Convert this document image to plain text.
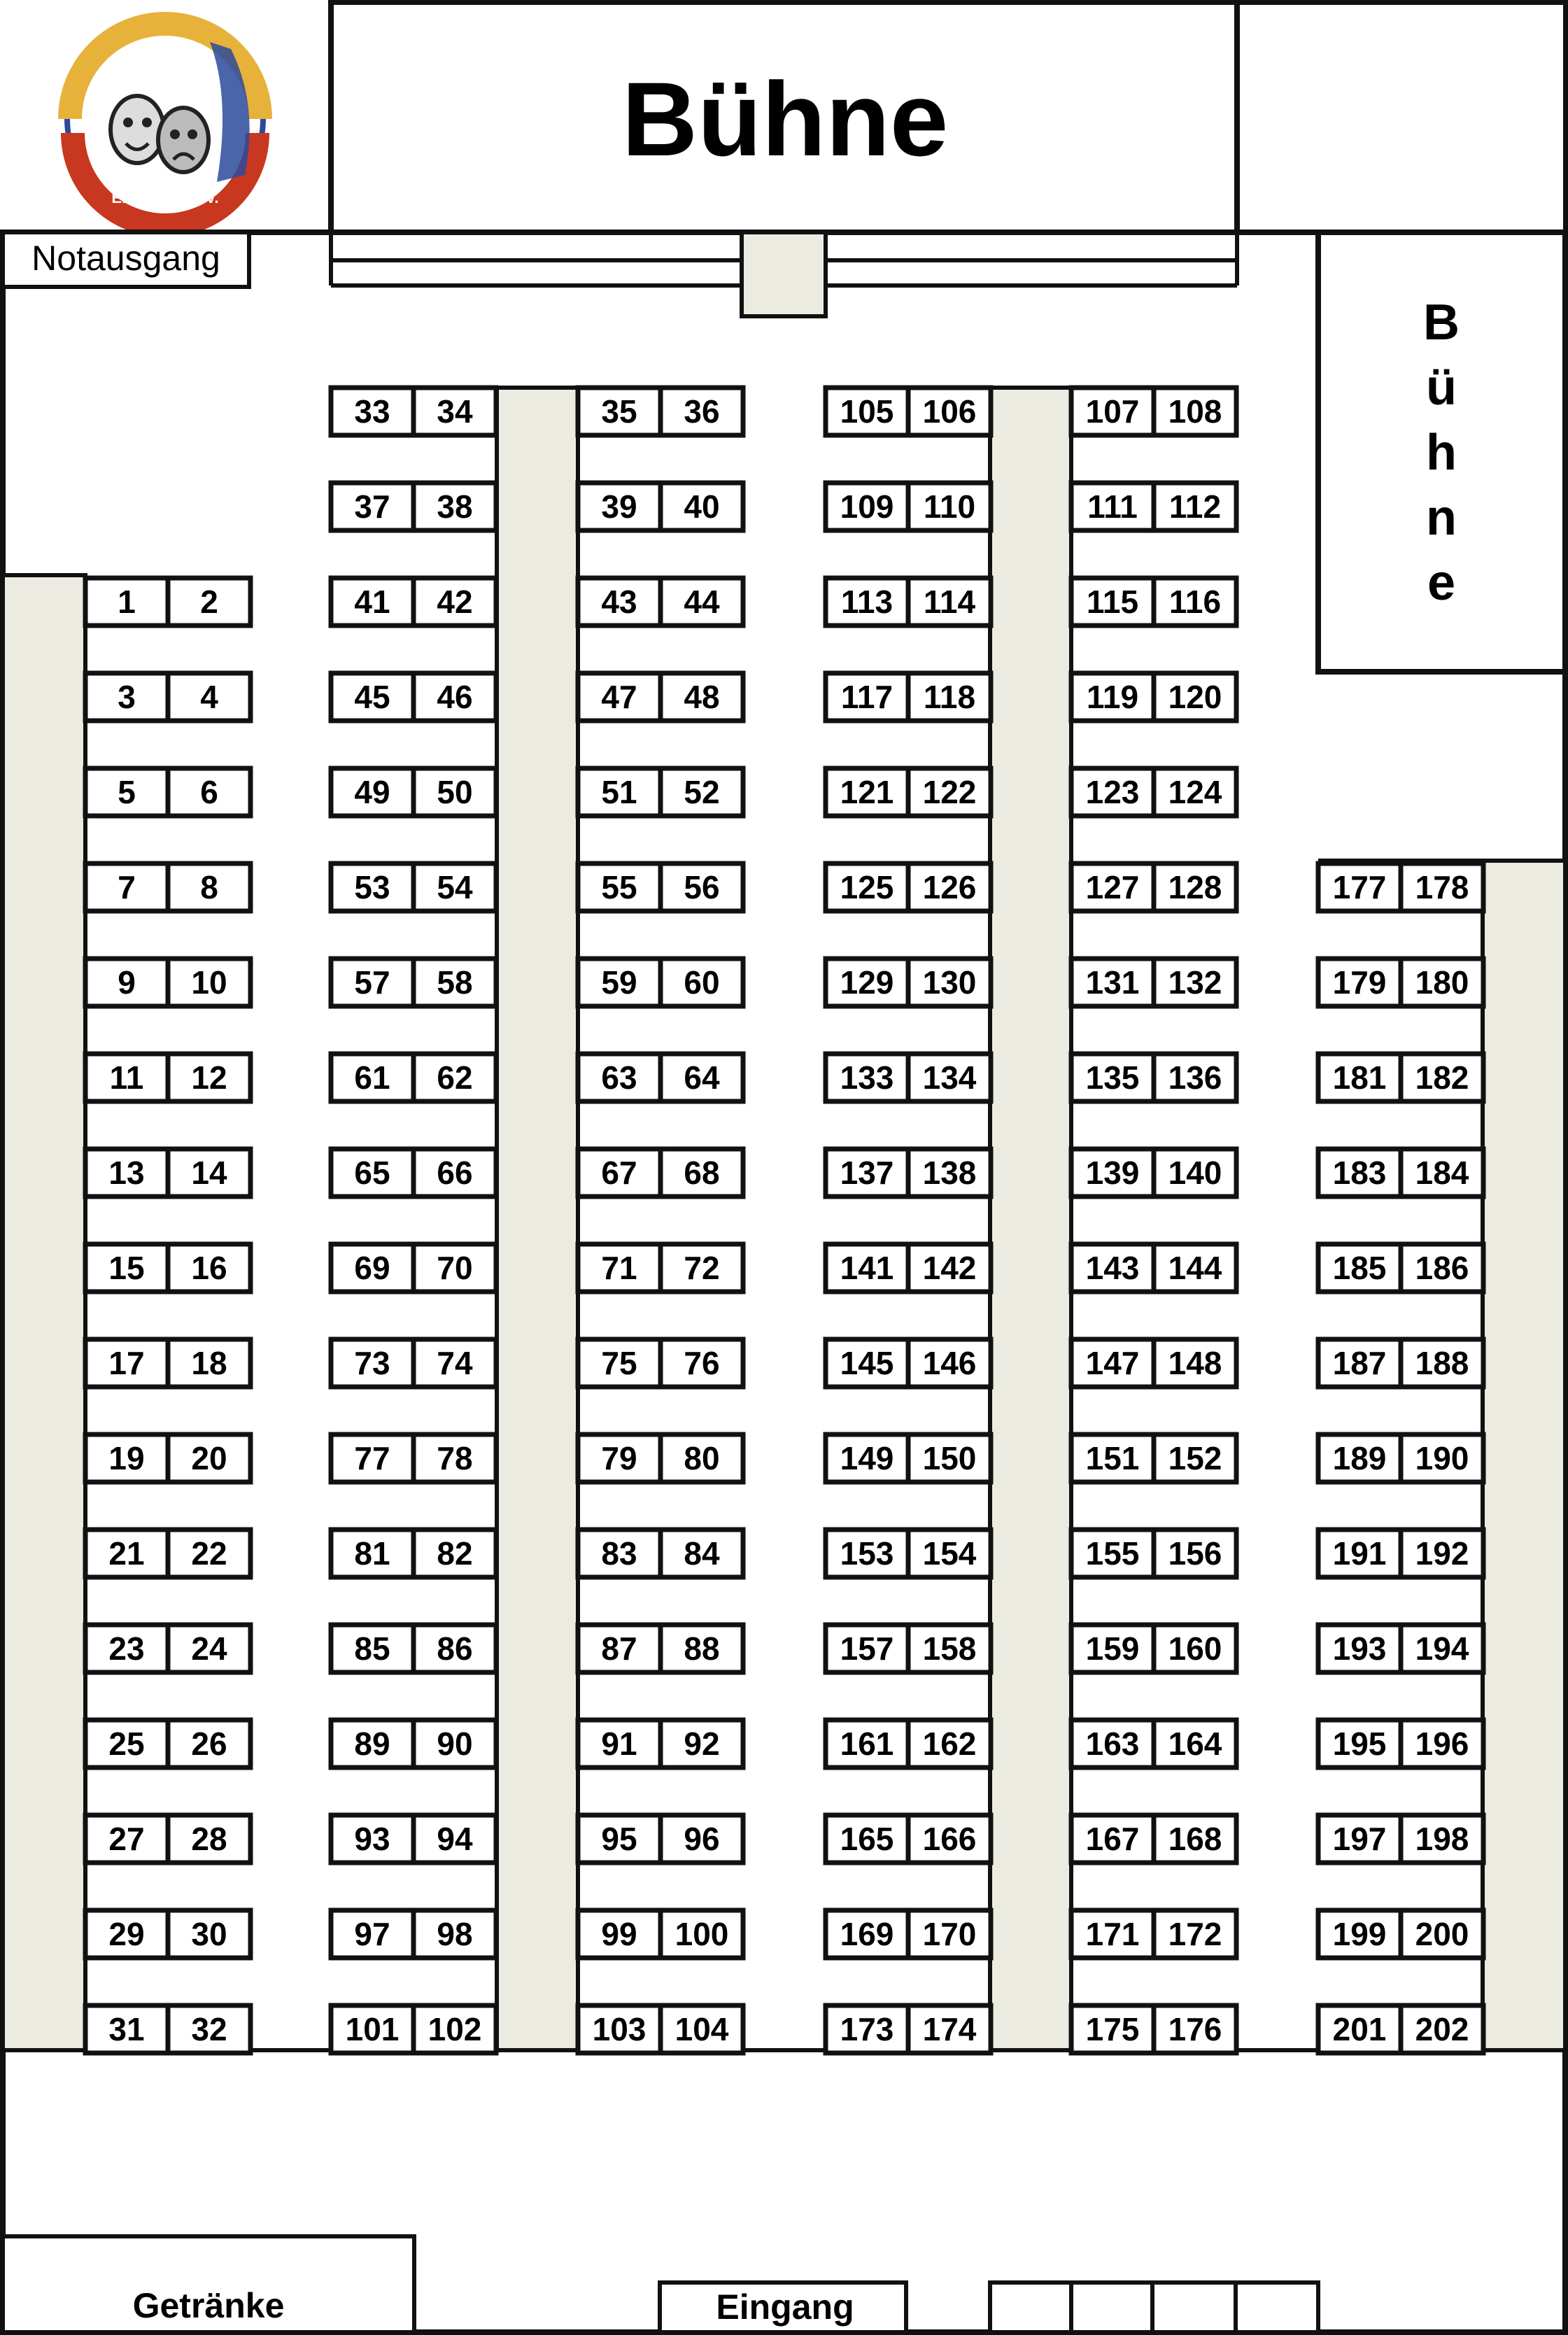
Eischbach e.V.
Bühne
Notausgang
B
ü
h
n
e
1 2
3 4
5 6
7 8
9 10
11 12
13 14
15 16
17 18
19 20
21 22
23 24
25 26
27 28
29 30
31 32
33 34
37 38
41 42
45 46
49 50
53 54
57 58
61 62
65 66
69 70
73 74
77 78
81 82
85 86
89 90
93 94
97 98
101 102
35 36
39 40
43 44
47 48
51 52
55 56
59 60
63 64
67 68
71 72
75 76
79 80
83 84
87 88
91 92
95 96
99 100
103 104
105 106
109 110
113 114
117 118
121 122
125 126
129 130
133 134
137 138
141 142
145 146
149 150
153 154
157 158
161 162
165 166
169 170
173 174
107 108
111 112
115 116
119 120
123 124
127 128
131 132
135 136
139 140
143 144
147 148
151 152
155 156
159 160
163 164
167 168
171 172
175 176
177 178
179 180
181 182
183 184
185 186
187 188
189 190
191 192
193 194
195 196
197 198
199 200
201 202
Getränke	Eingang
